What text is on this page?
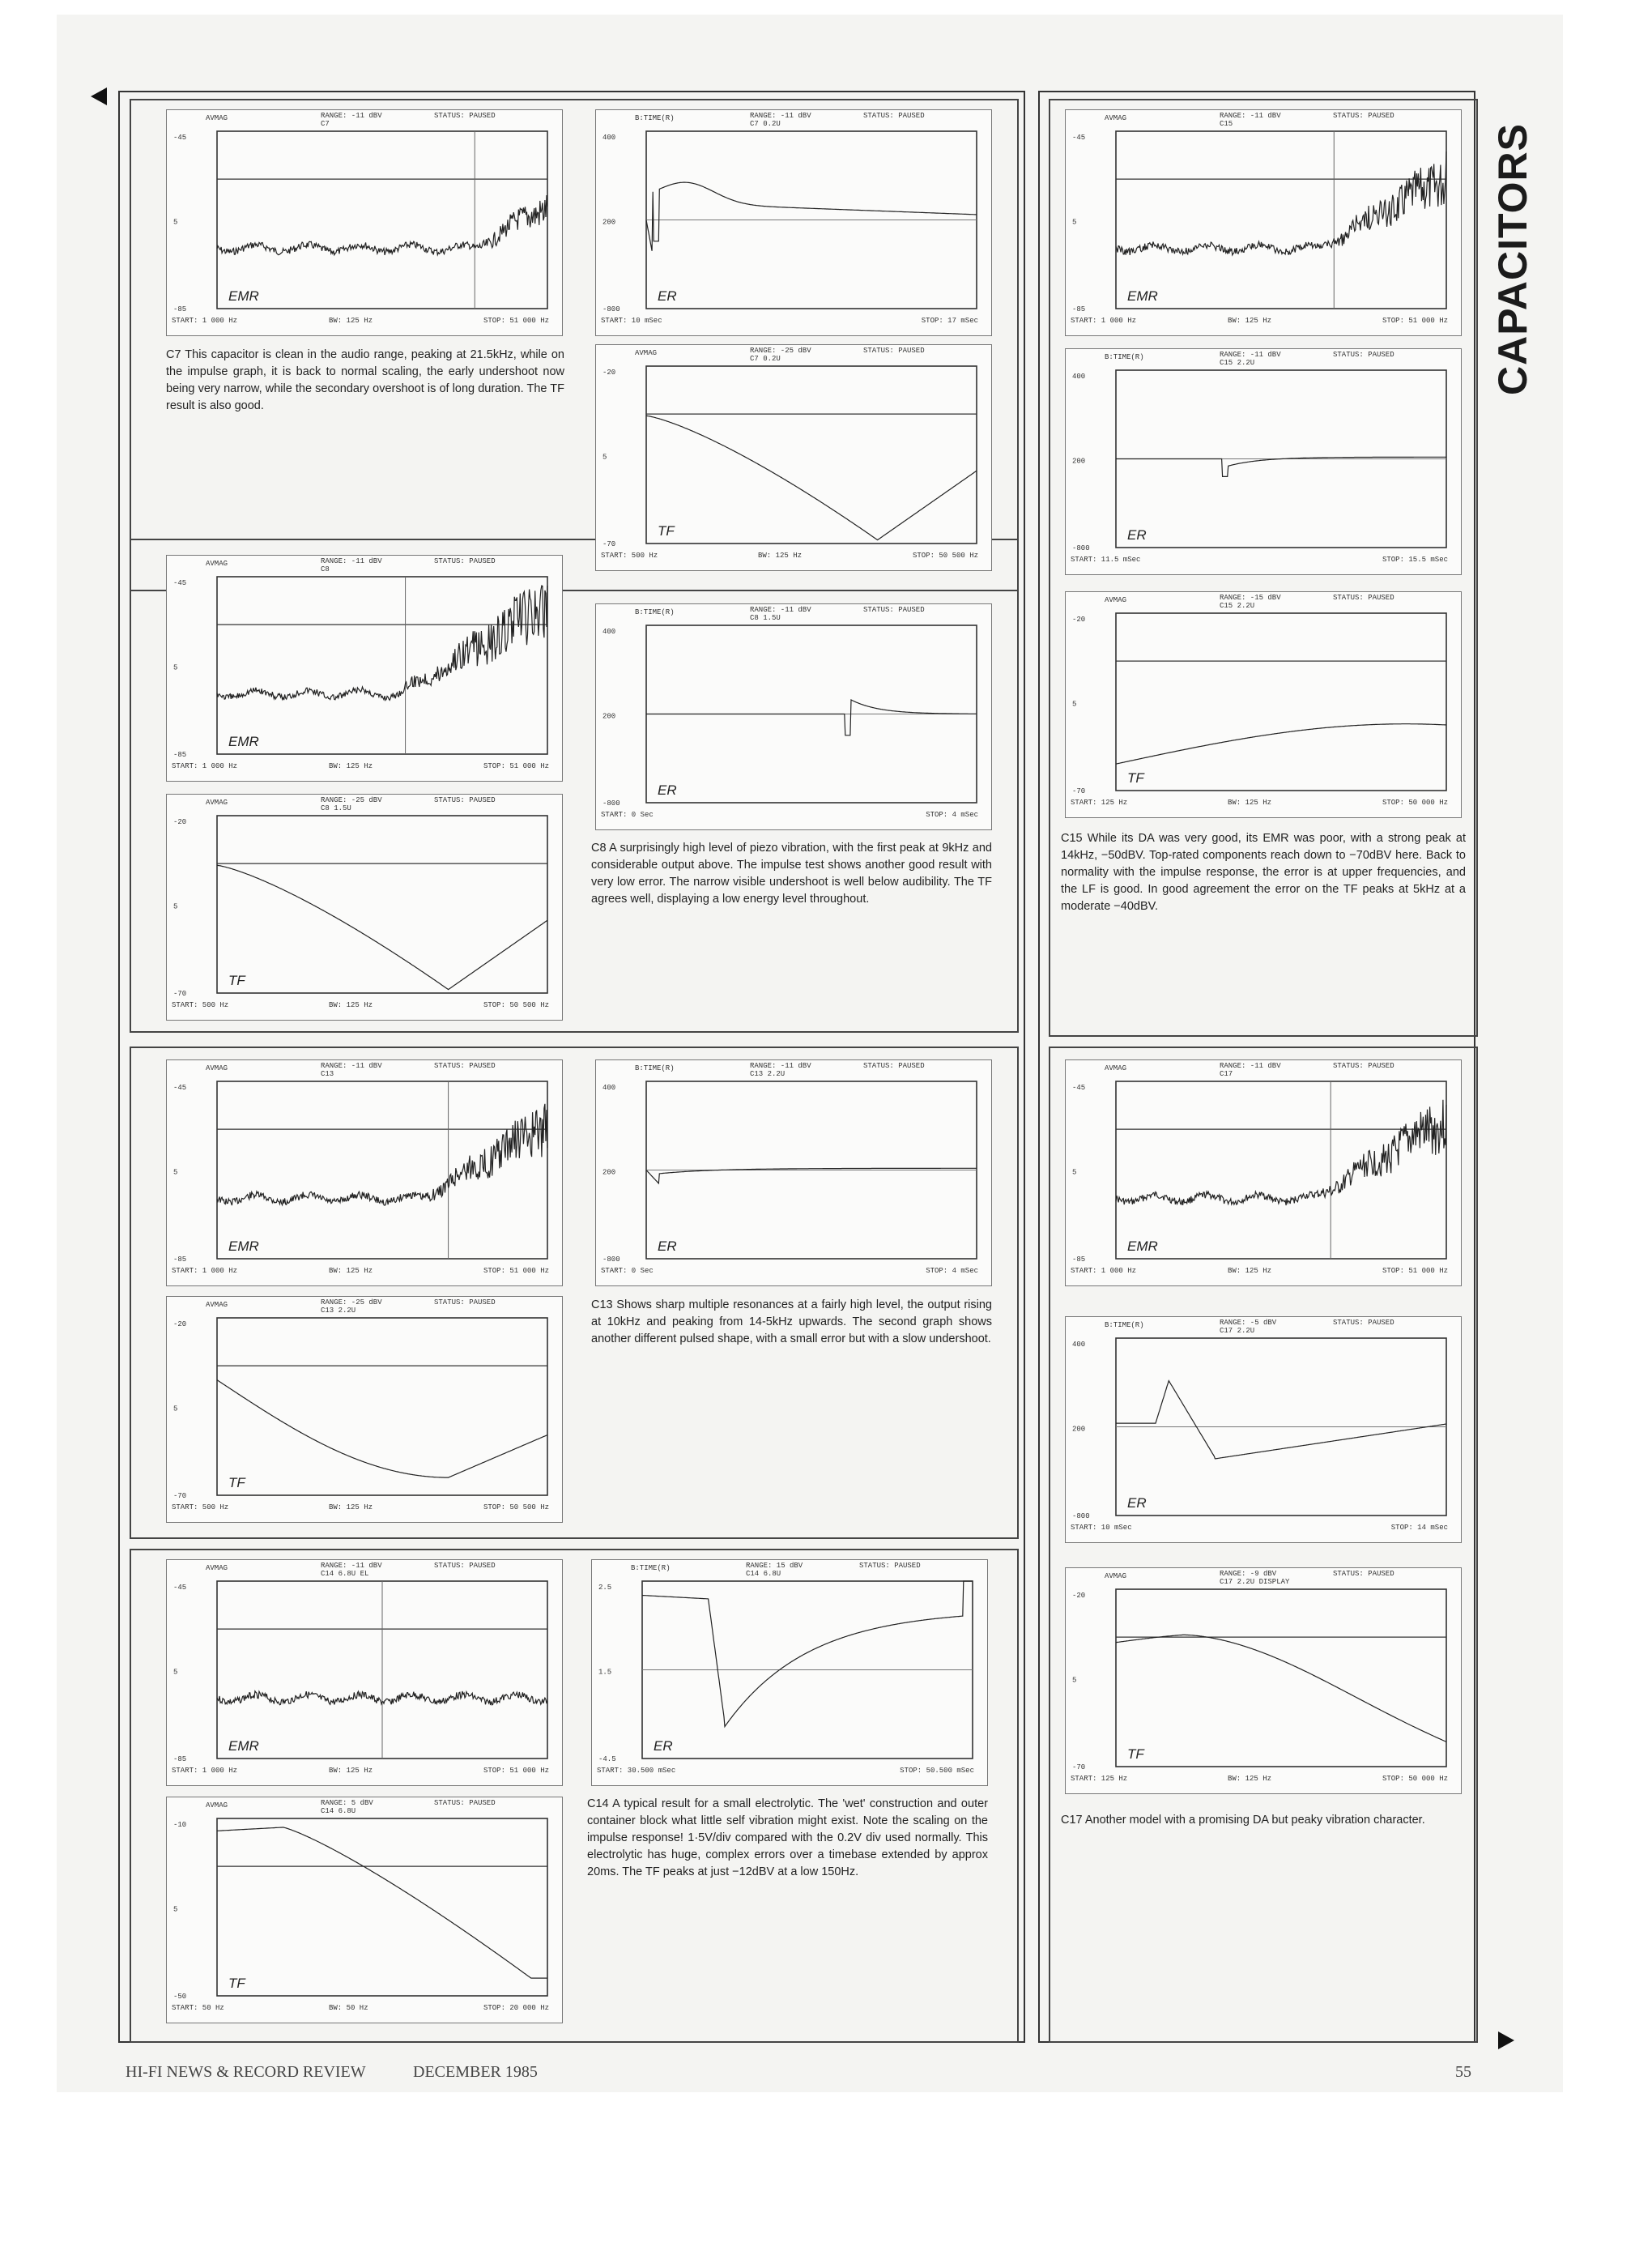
CAPACITORS
AVMAG	RANGE: -11 dBV	STATUS: PAUSED
C7
-45
5
-85
START: 1 000 Hz	BW: 125 Hz	STOP: 51 000 Hz
EMR
B:TIME(R)	RANGE: -11 dBV	STATUS: PAUSED
C7 0.2U
400
200
-800
START: 10 mSec	STOP: 17 mSec
ER
AVMAG	RANGE: -25 dBV	STATUS: PAUSED
C7 0.2U
-20
5
-70
START: 500 Hz	BW: 125 Hz	STOP: 50 500 Hz
TF
AVMAG	RANGE: -11 dBV	STATUS: PAUSED
C8
-45
5
-85
START: 1 000 Hz	BW: 125 Hz	STOP: 51 000 Hz
EMR
AVMAG	RANGE: -25 dBV	STATUS: PAUSED
C8 1.5U
-20
5
-70
START: 500 Hz	BW: 125 Hz	STOP: 50 500 Hz
TF
B:TIME(R)	RANGE: -11 dBV	STATUS: PAUSED
C8 1.5U
400
200
-800
START: 0 Sec	STOP: 4 mSec
ER
AVMAG	RANGE: -11 dBV	STATUS: PAUSED
C15
-45
5
-85
START: 1 000 Hz	BW: 125 Hz	STOP: 51 000 Hz
EMR
B:TIME(R)	RANGE: -11 dBV	STATUS: PAUSED
C15 2.2U
400
200
-800
START: 11.5 mSec	STOP: 15.5 mSec
ER
AVMAG	RANGE: -15 dBV	STATUS: PAUSED
C15 2.2U
-20
5
-70
START: 125 Hz	BW: 125 Hz	STOP: 50 000 Hz
TF
AVMAG	RANGE: -11 dBV	STATUS: PAUSED
C13
-45
5
-85
START: 1 000 Hz	BW: 125 Hz	STOP: 51 000 Hz
EMR
AVMAG	RANGE: -25 dBV	STATUS: PAUSED
C13 2.2U
-20
5
-70
START: 500 Hz	BW: 125 Hz	STOP: 50 500 Hz
TF
B:TIME(R)	RANGE: -11 dBV	STATUS: PAUSED
C13 2.2U
400
200
-800
START: 0 Sec	STOP: 4 mSec
ER
AVMAG	RANGE: -11 dBV	STATUS: PAUSED
C17
-45
5
-85
START: 1 000 Hz	BW: 125 Hz	STOP: 51 000 Hz
EMR
B:TIME(R)	RANGE: -5 dBV	STATUS: PAUSED
C17 2.2U
400
200
-800
START: 10 mSec	STOP: 14 mSec
ER
AVMAG	RANGE: -9 dBV	STATUS: PAUSED
C17 2.2U DISPLAY
-20
5
-70
START: 125 Hz	BW: 125 Hz	STOP: 50 000 Hz
TF
AVMAG	RANGE: -11 dBV	STATUS: PAUSED
C14 6.8U EL
-45
5
-85
START: 1 000 Hz	BW: 125 Hz	STOP: 51 000 Hz
EMR
AVMAG	RANGE: 5 dBV	STATUS: PAUSED
C14 6.8U
-10
5
-50
START: 50 Hz	BW: 50 Hz	STOP: 20 000 Hz
TF
B:TIME(R)	RANGE: 15 dBV	STATUS: PAUSED
C14 6.8U
2.5
1.5
-4.5
START: 30.500 mSec	STOP: 50.500 mSec
ER

C7 This capacitor is clean in the audio range, peaking at 21.5kHz, while on the impulse graph, it is back to normal scaling, the early undershoot now being very narrow, while the secondary overshoot is of long duration. The TF result is also good.

C8 A surprisingly high level of piezo vibration, with the first peak at 9kHz and considerable output above. The impulse test shows another good result with very low error. The narrow visible undershoot is well below audibility. The TF agrees well, displaying a low energy level throughout.

C15 While its DA was very good, its EMR was poor, with a strong peak at 14kHz, −50dBV. Top-rated components reach down to −70dBV here. Back to normality with the impulse response, the error is at upper frequencies, and the LF is good. In good agreement the error on the TF peaks at 5kHz at a moderate −40dBV.

C13 Shows sharp multiple resonances at a fairly high level, the output rising at 10kHz and peaking from 14-5kHz upwards. The second graph shows another different pulsed shape, with a small error but with a slow undershoot.

C14 A typical result for a small electrolytic. The 'wet' construction and outer container block what little self vibration might exist. Note the scaling on the impulse response! 1·5V/div compared with the 0.2V div used normally. This electrolytic has huge, complex errors over a timebase extended by approx 20ms. The TF peaks at just −12dBV at a low 150Hz.

C17 Another model with a promising DA but peaky vibration character.

HI-FI NEWS & RECORD REVIEW	DECEMBER 1985	55
